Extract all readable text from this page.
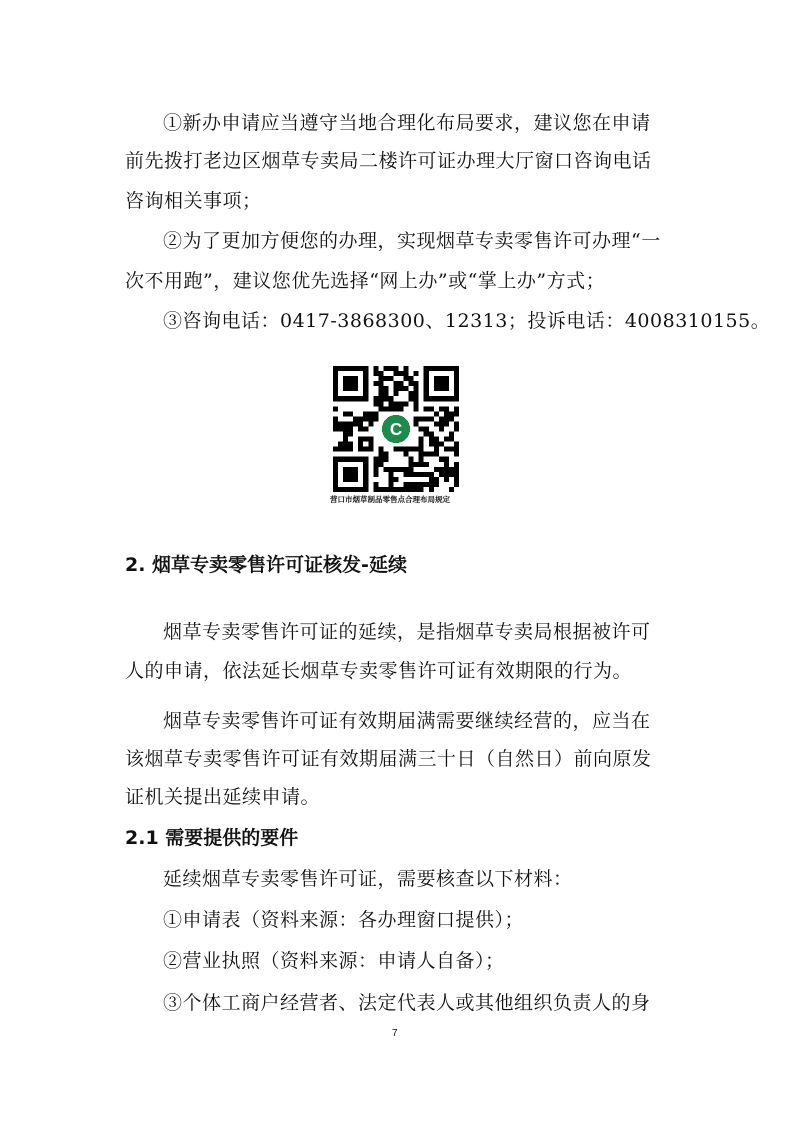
①新办申请应当遵守当地合理化布局要求，建议您在申请
前先拨打老边区烟草专卖局二楼许可证办理大厅窗口咨询电话
咨询相关事项；
②为了更加方便您的办理，实现烟草专卖零售许可办理“一
次不用跑”，建议您优先选择“网上办”或“掌上办”方式；
③咨询电话：0417-3868300、12313；投诉电话：4008310155。
C
营口市烟草制品零售点合理布局规定
2. 烟草专卖零售许可证核发-延续
烟草专卖零售许可证的延续，是指烟草专卖局根据被许可
人的申请，依法延长烟草专卖零售许可证有效期限的行为。
烟草专卖零售许可证有效期届满需要继续经营的，应当在
该烟草专卖零售许可证有效期届满三十日（自然日）前向原发
证机关提出延续申请。
2.1 需要提供的要件
延续烟草专卖零售许可证，需要核查以下材料：
①申请表（资料来源：各办理窗口提供）；
②营业执照（资料来源：申请人自备）；
③个体工商户经营者、法定代表人或其他组织负责人的身
7
